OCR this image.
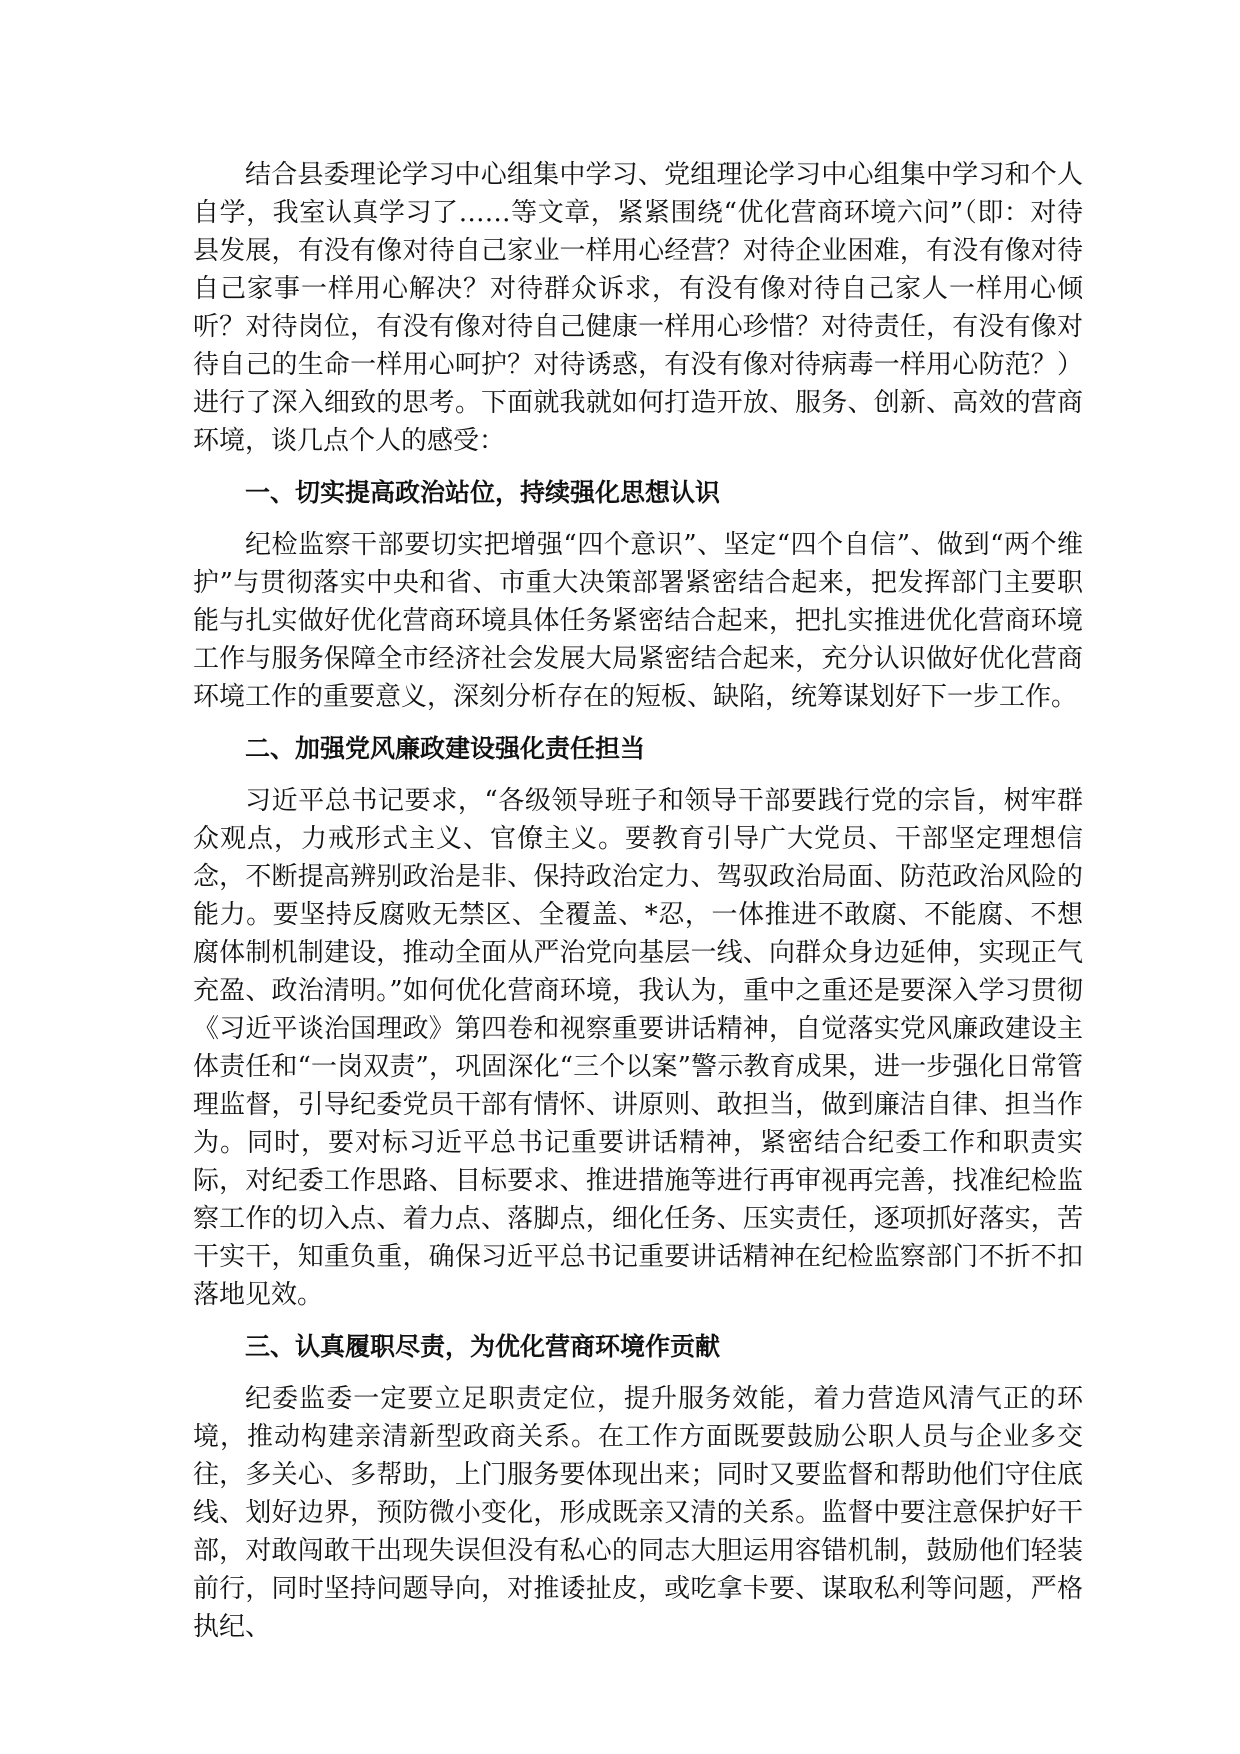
结合县委理论学习中心组集中学习、党组理论学习中心组集中学习和个人自学，我室认真学习了……等文章，紧紧围绕“优化营商环境六问”（即：对待县发展，有没有像对待自己家业一样用心经营？对待企业困难，有没有像对待自己家事一样用心解决？对待群众诉求，有没有像对待自己家人一样用心倾听？对待岗位，有没有像对待自己健康一样用心珍惜？对待责任，有没有像对待自己的生命一样用心呵护？对待诱惑，有没有像对待病毒一样用心防范？）进行了深入细致的思考。下面就我就如何打造开放、服务、创新、高效的营商环境，谈几点个人的感受：

一、切实提高政治站位，持续强化思想认识

纪检监察干部要切实把增强“四个意识”、坚定“四个自信”、做到“两个维护”与贯彻落实中央和省、市重大决策部署紧密结合起来，把发挥部门主要职能与扎实做好优化营商环境具体任务紧密结合起来，把扎实推进优化营商环境工作与服务保障全市经济社会发展大局紧密结合起来，充分认识做好优化营商环境工作的重要意义，深刻分析存在的短板、缺陷，统筹谋划好下一步工作。

二、加强党风廉政建设强化责任担当

习近平总书记要求，“各级领导班子和领导干部要践行党的宗旨，树牢群众观点，力戒形式主义、官僚主义。要教育引导广大党员、干部坚定理想信念，不断提高辨别政治是非、保持政治定力、驾驭政治局面、防范政治风险的能力。要坚持反腐败无禁区、全覆盖、*忍，一体推进不敢腐、不能腐、不想腐体制机制建设，推动全面从严治党向基层一线、向群众身边延伸，实现正气充盈、政治清明。”如何优化营商环境，我认为，重中之重还是要深入学习贯彻《习近平谈治国理政》第四卷和视察重要讲话精神，自觉落实党风廉政建设主体责任和“一岗双责”，巩固深化“三个以案”警示教育成果，进一步强化日常管理监督，引导纪委党员干部有情怀、讲原则、敢担当，做到廉洁自律、担当作为。同时，要对标习近平总书记重要讲话精神，紧密结合纪委工作和职责实际，对纪委工作思路、目标要求、推进措施等进行再审视再完善，找准纪检监察工作的切入点、着力点、落脚点，细化任务、压实责任，逐项抓好落实，苦干实干，知重负重，确保习近平总书记重要讲话精神在纪检监察部门不折不扣落地见效。

三、认真履职尽责，为优化营商环境作贡献

纪委监委一定要立足职责定位，提升服务效能，着力营造风清气正的环境，推动构建亲清新型政商关系。在工作方面既要鼓励公职人员与企业多交往，多关心、多帮助，上门服务要体现出来；同时又要监督和帮助他们守住底线、划好边界，预防微小变化，形成既亲又清的关系。监督中要注意保护好干部，对敢闯敢干出现失误但没有私心的同志大胆运用容错机制，鼓励他们轻装前行，同时坚持问题导向，对推诿扯皮，或吃拿卡要、谋取私利等问题，严格执纪、
